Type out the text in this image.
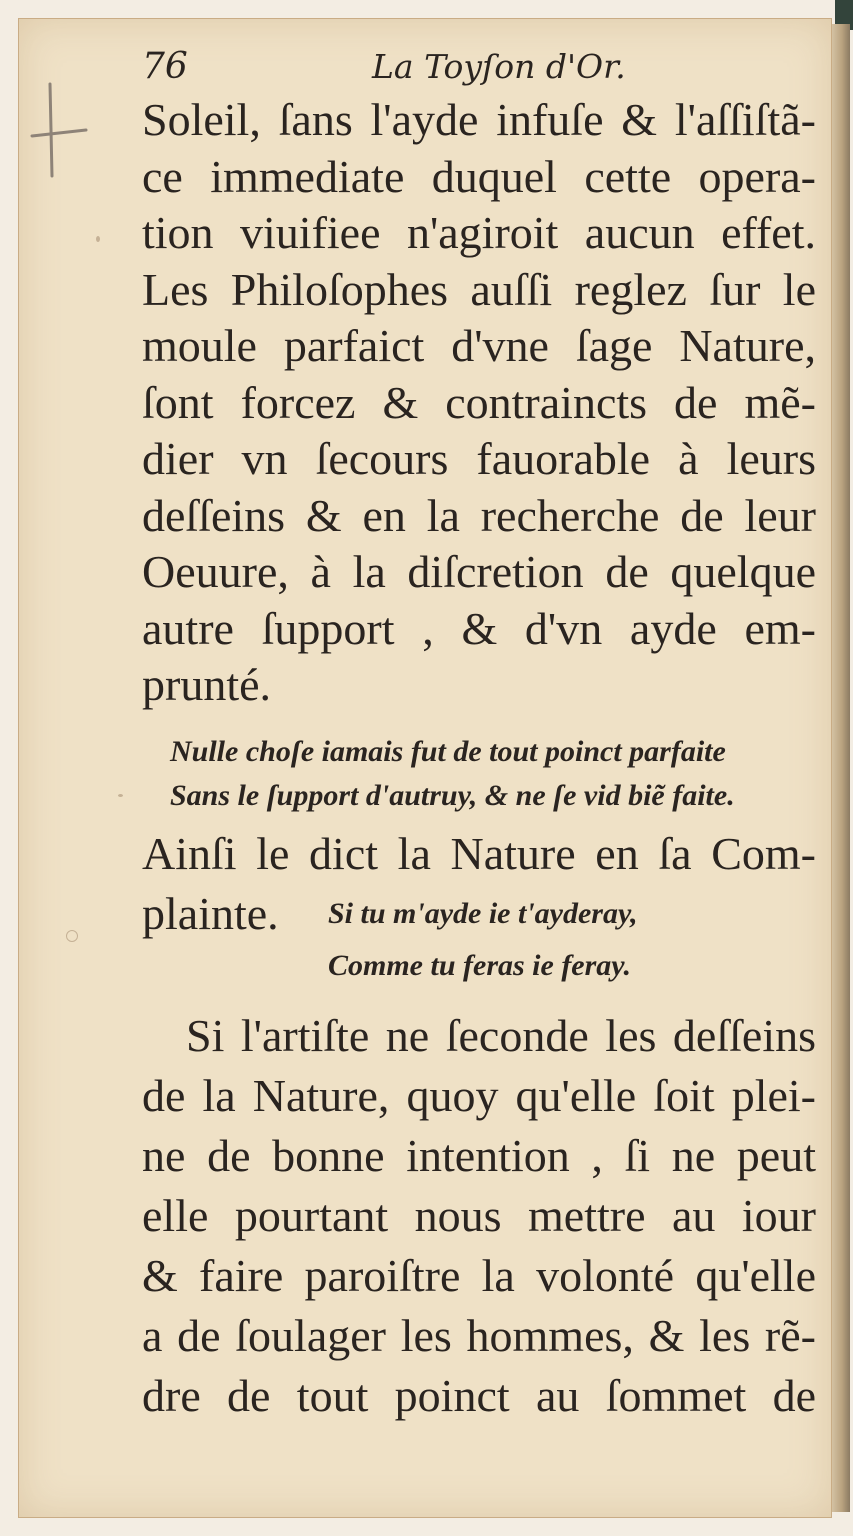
76	La Toyſon d'Or.
Soleil, ſans l'ayde infuſe & l'aſſiſtã-
ce immediate duquel cette opera-
tion viuifiee n'agiroit aucun effet.
Les Philoſophes auſſi reglez ſur le
moule parfaict d'vne ſage Nature,
ſont forcez & contraincts de mẽ-
dier vn ſecours fauorable à leurs
deſſeins & en la recherche de leur
Oeuure, à la diſcretion de quelque
autre ſupport , & d'vn ayde em-
prunté.
Nulle choſe iamais fut de tout poinct parfaite
Sans le ſupport d'autruy, & ne ſe vid biẽ faite.
Ainſi le dict la Nature en ſa Com-
plainte. Si tu m'ayde ie t'ayderay,
Comme tu feras ie feray.
Si l'artiſte ne ſeconde les deſſeins
de la Nature, quoy qu'elle ſoit plei-
ne de bonne intention , ſi ne peut
elle pourtant nous mettre au iour
& faire paroiſtre la volonté qu'elle
a de ſoulager les hommes, & les rẽ-
dre de tout poinct au ſommet de
